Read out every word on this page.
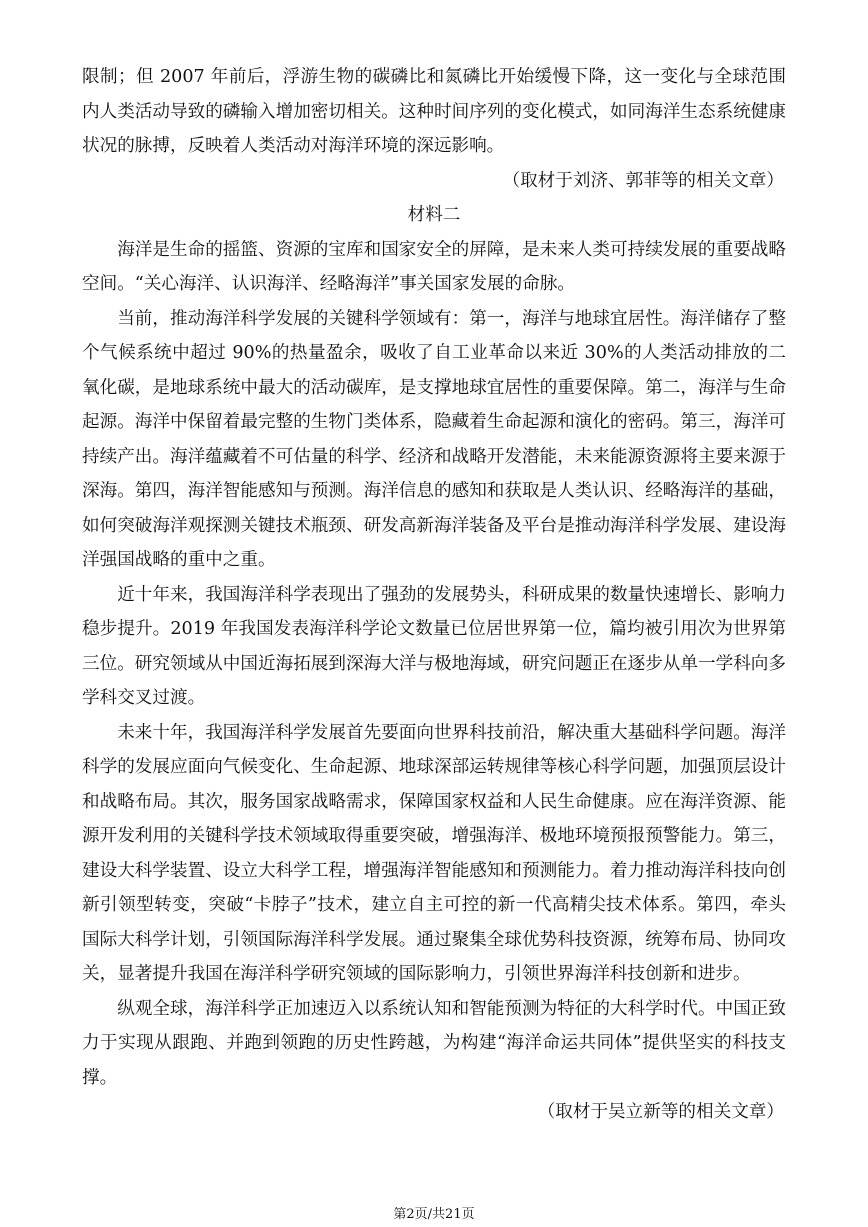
限制；但 2007 年前后，浮游生物的碳磷比和氮磷比开始缓慢下降，这一变化与全球范围内人类活动导致的磷输入增加密切相关。这种时间序列的变化模式，如同海洋生态系统健康状况的脉搏，反映着人类活动对海洋环境的深远影响。

（取材于刘济、郭菲等的相关文章）

材料二

海洋是生命的摇篮、资源的宝库和国家安全的屏障，是未来人类可持续发展的重要战略空间。“关心海洋、认识海洋、经略海洋”事关国家发展的命脉。

当前，推动海洋科学发展的关键科学领域有：第一，海洋与地球宜居性。海洋储存了整个气候系统中超过 90%的热量盈余，吸收了自工业革命以来近 30%的人类活动排放的二氧化碳，是地球系统中最大的活动碳库，是支撑地球宜居性的重要保障。第二，海洋与生命起源。海洋中保留着最完整的生物门类体系，隐藏着生命起源和演化的密码。第三，海洋可持续产出。海洋蕴藏着不可估量的科学、经济和战略开发潜能，未来能源资源将主要来源于深海。第四，海洋智能感知与预测。海洋信息的感知和获取是人类认识、经略海洋的基础，如何突破海洋观探测关键技术瓶颈、研发高新海洋装备及平台是推动海洋科学发展、建设海洋强国战略的重中之重。

近十年来，我国海洋科学表现出了强劲的发展势头，科研成果的数量快速增长、影响力稳步提升。2019 年我国发表海洋科学论文数量已位居世界第一位，篇均被引用次为世界第三位。研究领域从中国近海拓展到深海大洋与极地海域，研究问题正在逐步从单一学科向多学科交叉过渡。

未来十年，我国海洋科学发展首先要面向世界科技前沿，解决重大基础科学问题。海洋科学的发展应面向气候变化、生命起源、地球深部运转规律等核心科学问题，加强顶层设计和战略布局。其次，服务国家战略需求，保障国家权益和人民生命健康。应在海洋资源、能源开发利用的关键科学技术领域取得重要突破，增强海洋、极地环境预报预警能力。第三，建设大科学装置、设立大科学工程，增强海洋智能感知和预测能力。着力推动海洋科技向创新引领型转变，突破“卡脖子”技术，建立自主可控的新一代高精尖技术体系。第四，牵头国际大科学计划，引领国际海洋科学发展。通过聚集全球优势科技资源，统筹布局、协同攻关，显著提升我国在海洋科学研究领域的国际影响力，引领世界海洋科技创新和进步。

纵观全球，海洋科学正加速迈入以系统认知和智能预测为特征的大科学时代。中国正致力于实现从跟跑、并跑到领跑的历史性跨越，为构建“海洋命运共同体”提供坚实的科技支撑。

（取材于吴立新等的相关文章）

第2页/共21页
